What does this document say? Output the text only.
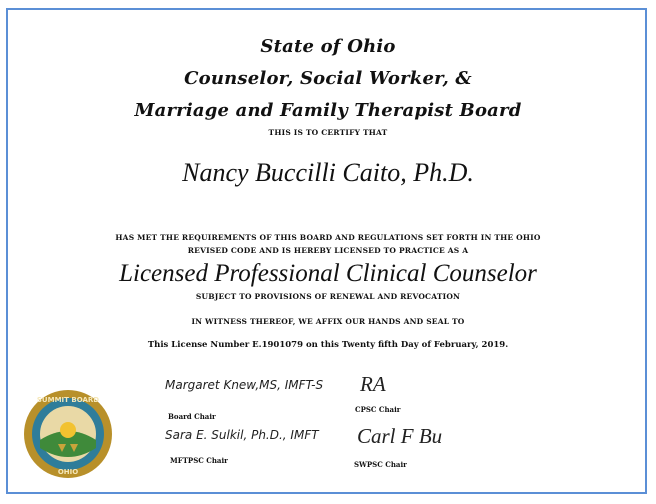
State of Ohio
Counselor, Social Worker, &
Marriage and Family Therapist Board
THIS IS TO CERTIFY THAT
Nancy Buccilli Caito, Ph.D.
HAS MET THE REQUIREMENTS OF THIS BOARD AND REGULATIONS SET FORTH IN THE OHIO
REVISED CODE AND IS HEREBY LICENSED TO PRACTICE AS A
Licensed Professional Clinical Counselor
SUBJECT TO PROVISIONS OF RENEWAL AND REVOCATION
IN WITNESS THEREOF, WE AFFIX OUR HANDS AND SEAL TO
This License Number E.1901079 on this Twenty fifth Day of February, 2019.
SUMMIT BOARD
OHIO
Margaret Knew,MS, IMFT-S
Board Chair
RA
CPSC Chair
Sara E. Sulkil, Ph.D., IMFT
MFTPSC Chair
Carl F Bu
SWPSC Chair
